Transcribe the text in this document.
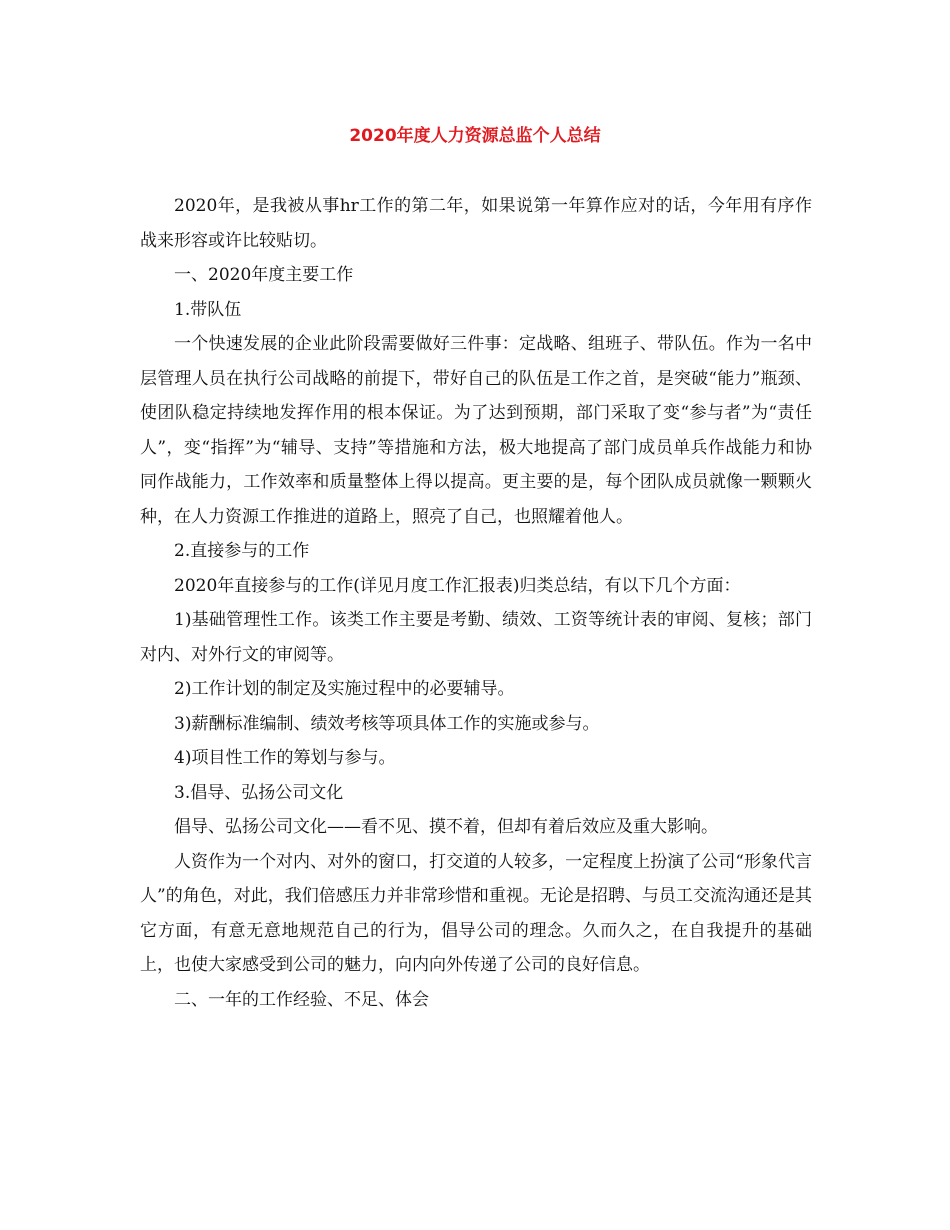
2020年度人力资源总监个人总结

2020年，是我被从事hr工作的第二年，如果说第一年算作应对的话，今年用有序作战来形容或许比较贴切。

一、2020年度主要工作

1.带队伍

一个快速发展的企业此阶段需要做好三件事：定战略、组班子、带队伍。作为一名中层管理人员在执行公司战略的前提下，带好自己的队伍是工作之首，是突破“能力”瓶颈、使团队稳定持续地发挥作用的根本保证。为了达到预期，部门采取了变“参与者”为“责任人”，变“指挥”为“辅导、支持”等措施和方法，极大地提高了部门成员单兵作战能力和协同作战能力，工作效率和质量整体上得以提高。更主要的是，每个团队成员就像一颗颗火种，在人力资源工作推进的道路上，照亮了自己，也照耀着他人。

2.直接参与的工作

2020年直接参与的工作(详见月度工作汇报表)归类总结，有以下几个方面：

1)基础管理性工作。该类工作主要是考勤、绩效、工资等统计表的审阅、复核；部门对内、对外行文的审阅等。

2)工作计划的制定及实施过程中的必要辅导。

3)薪酬标准编制、绩效考核等项具体工作的实施或参与。

4)项目性工作的筹划与参与。

3.倡导、弘扬公司文化

倡导、弘扬公司文化——看不见、摸不着，但却有着后效应及重大影响。

人资作为一个对内、对外的窗口，打交道的人较多，一定程度上扮演了公司“形象代言人”的角色，对此，我们倍感压力并非常珍惜和重视。无论是招聘、与员工交流沟通还是其它方面，有意无意地规范自己的行为，倡导公司的理念。久而久之，在自我提升的基础上，也使大家感受到公司的魅力，向内向外传递了公司的良好信息。

二、一年的工作经验、不足、体会
